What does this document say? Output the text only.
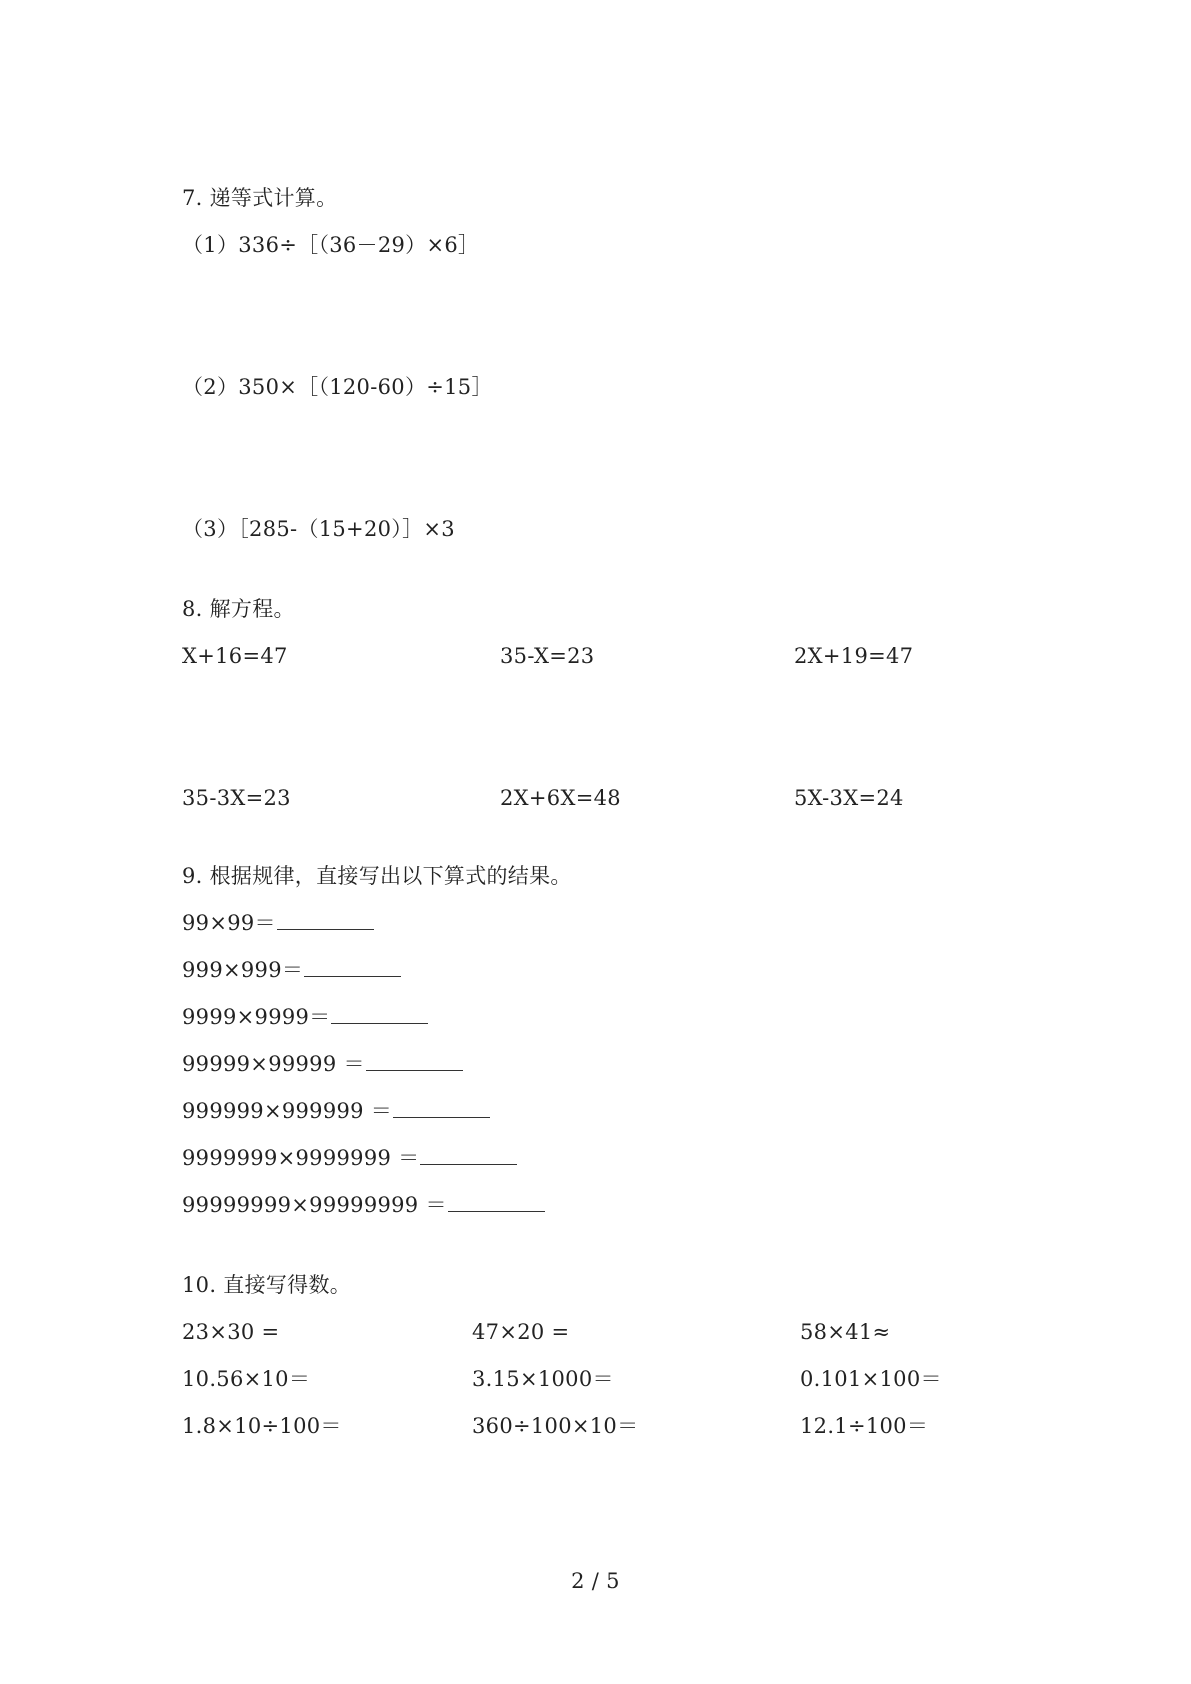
7. 递等式计算。
（1）336÷［（36－29）×6］
（2）350×［（120-60）÷15］
（3）［285-（15+20）］×3
8. 解方程。
X+16=47	35-X=23	2X+19=47
35-3X=23	2X+6X=48	5X-3X=24
9. 根据规律，直接写出以下算式的结果。
99×99＝
999×999＝
9999×9999＝
99999×99999 ＝
999999×999999 ＝
9999999×9999999 ＝
99999999×99999999 ＝
10. 直接写得数。
23×30 =	47×20 =	58×41≈
10.56×10＝	3.15×1000＝	0.101×100＝
1.8×10÷100＝	360÷100×10＝	12.1÷100＝
2 / 5
